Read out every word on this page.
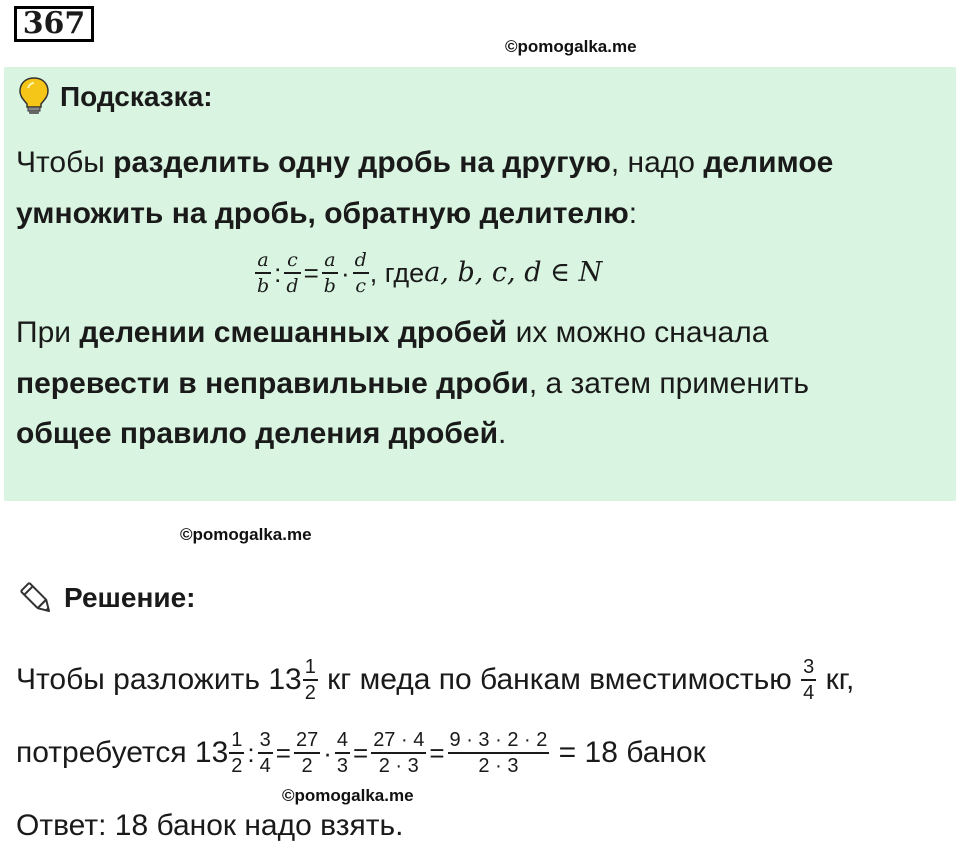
367
©pomogalka.me
Подсказка:
Чтобы разделить одну дробь на другую, надо делимое
умножить на дробь, обратную делителю:
$\frac{a}{b}$ : $\frac{c}{d} = \frac{a}{b} \cdot \frac{d}{c}$ , где a, b, c, d ∈ N
При делении смешанных дробей их можно сначала
перевести в неправильные дроби, а затем применить
общее правило деления дробей.
©pomogalka.me
Решение:
Чтобы разложить $13 \frac{1}{2}$ кг меда по банкам вместимостью $\frac{3}{4}$ кг,
потребуется $13 \frac{1}{2}$ : $\frac{3}{4} = \frac{27}{2} \cdot \frac{4}{3} = \frac{27 \cdot 4}{2 \cdot 3} = \frac{9 \cdot 3 \cdot 2 \cdot 2}{2 \cdot 3} = 18$ банок
©pomogalka.me
Ответ: 18 банок надо взять.
